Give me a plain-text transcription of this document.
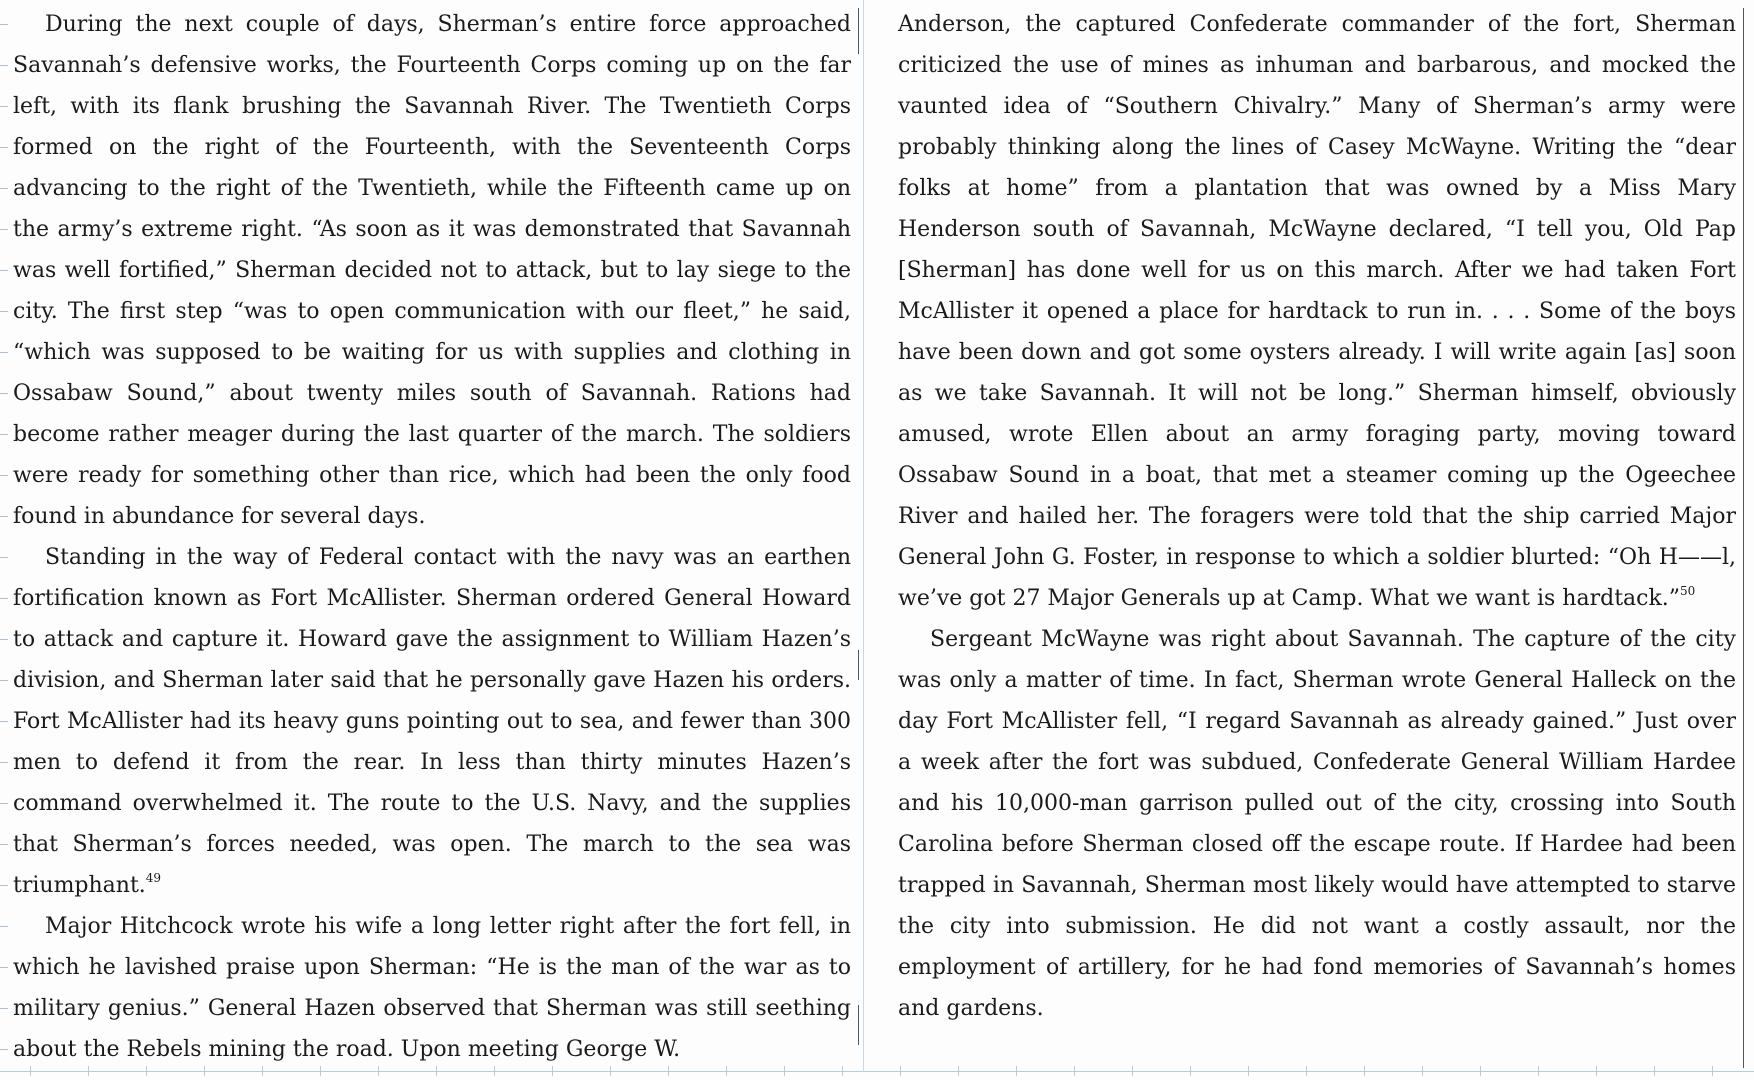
During the next couple of days, Sherman’s entire force approached Savannah’s defensive works, the Fourteenth Corps coming up on the far left, with its flank brushing the Savannah River. The Twentieth Corps formed on the right of the Fourteenth, with the Seventeenth Corps advancing to the right of the Twentieth, while the Fifteenth came up on the army’s extreme right. “As soon as it was demonstrated that Savannah was well fortified,” Sherman decided not to attack, but to lay siege to the city. The first step “was to open communication with our fleet,” he said, “which was supposed to be waiting for us with supplies and clothing in Ossabaw Sound,” about twenty miles south of Savannah. Rations had become rather meager during the last quarter of the march. The soldiers were ready for something other than rice, which had been the only food found in abundance for several days.

Standing in the way of Federal contact with the navy was an earthen fortification known as Fort McAllister. Sherman ordered General Howard to attack and capture it. Howard gave the assignment to William Hazen’s division, and Sherman later said that he personally gave Hazen his orders. Fort McAllister had its heavy guns pointing out to sea, and fewer than 300 men to defend it from the rear. In less than thirty minutes Hazen’s command overwhelmed it. The route to the U.S. Navy, and the supplies that Sherman’s forces needed, was open. The march to the sea was triumphant.$^{49}$

Major Hitchcock wrote his wife a long letter right after the fort fell, in which he lavished praise upon Sherman: “He is the man of the war as to military genius.” General Hazen observed that Sherman was still seething about the Rebels mining the road. Upon meeting George W.

Anderson, the captured Confederate commander of the fort, Sherman criticized the use of mines as inhuman and barbarous, and mocked the vaunted idea of “Southern Chivalry.” Many of Sherman’s army were probably thinking along the lines of Casey McWayne. Writing the “dear folks at home” from a plantation that was owned by a Miss Mary Henderson south of Savannah, McWayne declared, “I tell you, Old Pap [Sherman] has done well for us on this march. After we had taken Fort McAllister it opened a place for hardtack to run in. . . . Some of the boys have been down and got some oysters already. I will write again [as] soon as we take Savannah. It will not be long.” Sherman himself, obviously amused, wrote Ellen about an army foraging party, moving toward Ossabaw Sound in a boat, that met a steamer coming up the Ogeechee River and hailed her. The foragers were told that the ship carried Major General John G. Foster, in response to which a soldier blurted: “Oh H——l, we’ve got 27 Major Generals up at Camp. What we want is hardtack.”$^{50}$

Sergeant McWayne was right about Savannah. The capture of the city was only a matter of time. In fact, Sherman wrote General Halleck on the day Fort McAllister fell, “I regard Savannah as already gained.” Just over a week after the fort was subdued, Confederate General William Hardee and his 10,000-man garrison pulled out of the city, crossing into South Carolina before Sherman closed off the escape route. If Hardee had been trapped in Savannah, Sherman most likely would have attempted to starve the city into submission. He did not want a costly assault, nor the employment of artillery, for he had fond memories of Savannah’s homes and gardens.
